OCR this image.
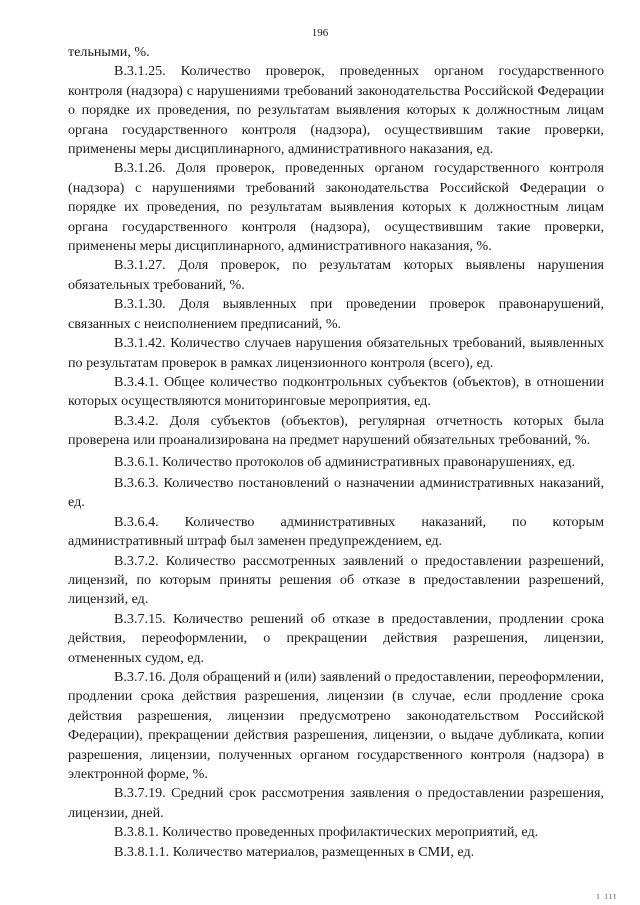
196

тельными, %.

В.3.1.25. Количество проверок, проведенных органом государственного контроля (надзора) с нарушениями требований законодательства Российской Федерации о порядке их проведения, по результатам выявления которых к должностным лицам органа государственного контроля (надзора), осуществившим такие проверки, применены меры дисциплинарного, административного наказания, ед.

В.3.1.26. Доля проверок, проведенных органом государственного контроля (надзора) с нарушениями требований законодательства Российской Федерации о порядке их проведения, по результатам выявления которых к должностным лицам органа государственного контроля (надзора), осуществившим такие проверки, применены меры дисциплинарного, административного наказания, %.

В.3.1.27. Доля проверок, по результатам которых выявлены нарушения обязательных требований, %.

В.3.1.30. Доля выявленных при проведении проверок правонарушений, связанных с неисполнением предписаний, %.

В.3.1.42. Количество случаев нарушения обязательных требований, выявленных по результатам проверок в рамках лицензионного контроля (всего), ед.

В.3.4.1. Общее количество подконтрольных субъектов (объектов), в отношении которых осуществляются мониторинговые мероприятия, ед.

В.3.4.2. Доля субъектов (объектов), регулярная отчетность которых была проверена или проанализирована на предмет нарушений обязательных требований, %.

В.3.6.1. Количество протоколов об административных правонарушениях, ед.

В.3.6.3. Количество постановлений о назначении административных наказаний, ед.

В.3.6.4. Количество административных наказаний, по которым административный штраф был заменен предупреждением, ед.

В.3.7.2. Количество рассмотренных заявлений о предоставлении разрешений, лицензий, по которым приняты решения об отказе в предоставлении разрешений, лицензий, ед.

В.3.7.15. Количество решений об отказе в предоставлении, продлении срока действия, переоформлении, о прекращении действия разрешения, лицензии, отмененных судом, ед.

В.3.7.16. Доля обращений и (или) заявлений о предоставлении, переоформлении, продлении срока действия разрешения, лицензии (в случае, если продление срока действия разрешения, лицензии предусмотрено законодательством Российской Федерации), прекращении действия разрешения, лицензии, о выдаче дубликата, копии разрешения, лицензии, полученных органом государственного контроля (надзора) в электронной форме, %.

В.3.7.19. Средний срок рассмотрения заявления о предоставлении разрешения, лицензии, дней.

В.3.8.1. Количество проведенных профилактических мероприятий, ед.

В.3.8.1.1. Количество материалов, размещенных в СМИ, ед.

I III
